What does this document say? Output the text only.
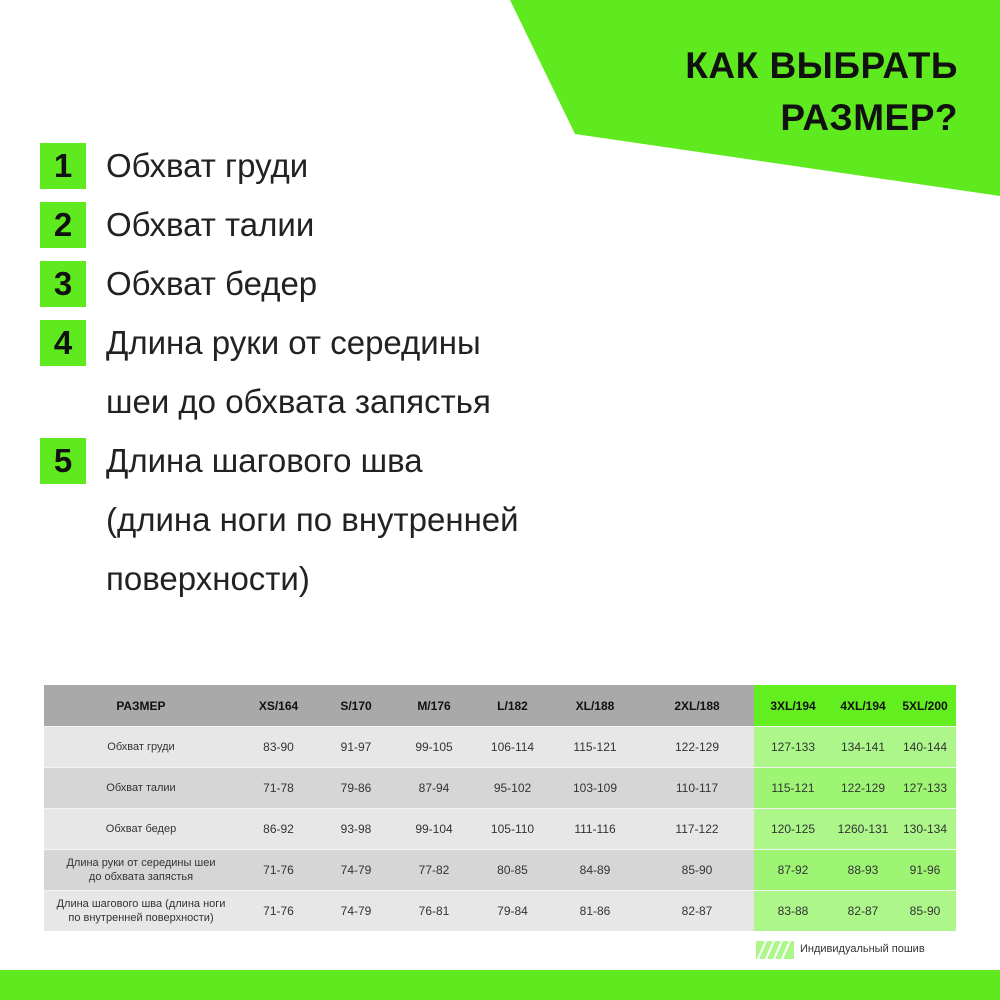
КАК ВЫБРАТЬ
РАЗМЕР?
1	Обхват груди
2	Обхват талии
3	Обхват бедер
4	Длина руки от середины
шеи до обхвата запястья
5	Длина шагового шва
(длина ноги по внутренней
поверхности)
РАЗМЕР	XS/164	S/170	M/176	L/182	XL/188	2XL/188	3XL/194	4XL/194	5XL/200
Обхват груди	83-90	91-97	99-105	106-114	115-121	122-129	127-133	134-141	140-144
Обхват талии	71-78	79-86	87-94	95-102	103-109	110-117	115-121	122-129	127-133
Обхват бедер	86-92	93-98	99-104	105-110	111-116	117-122	120-125	1260-131	130-134
Длина руки от середины шеи
до обхвата запястья	71-76	74-79	77-82	80-85	84-89	85-90	87-92	88-93	91-96
Длина шагового шва (длина ноги
по внутренней поверхности)	71-76	74-79	76-81	79-84	81-86	82-87	83-88	82-87	85-90
Индивидуальный пошив
